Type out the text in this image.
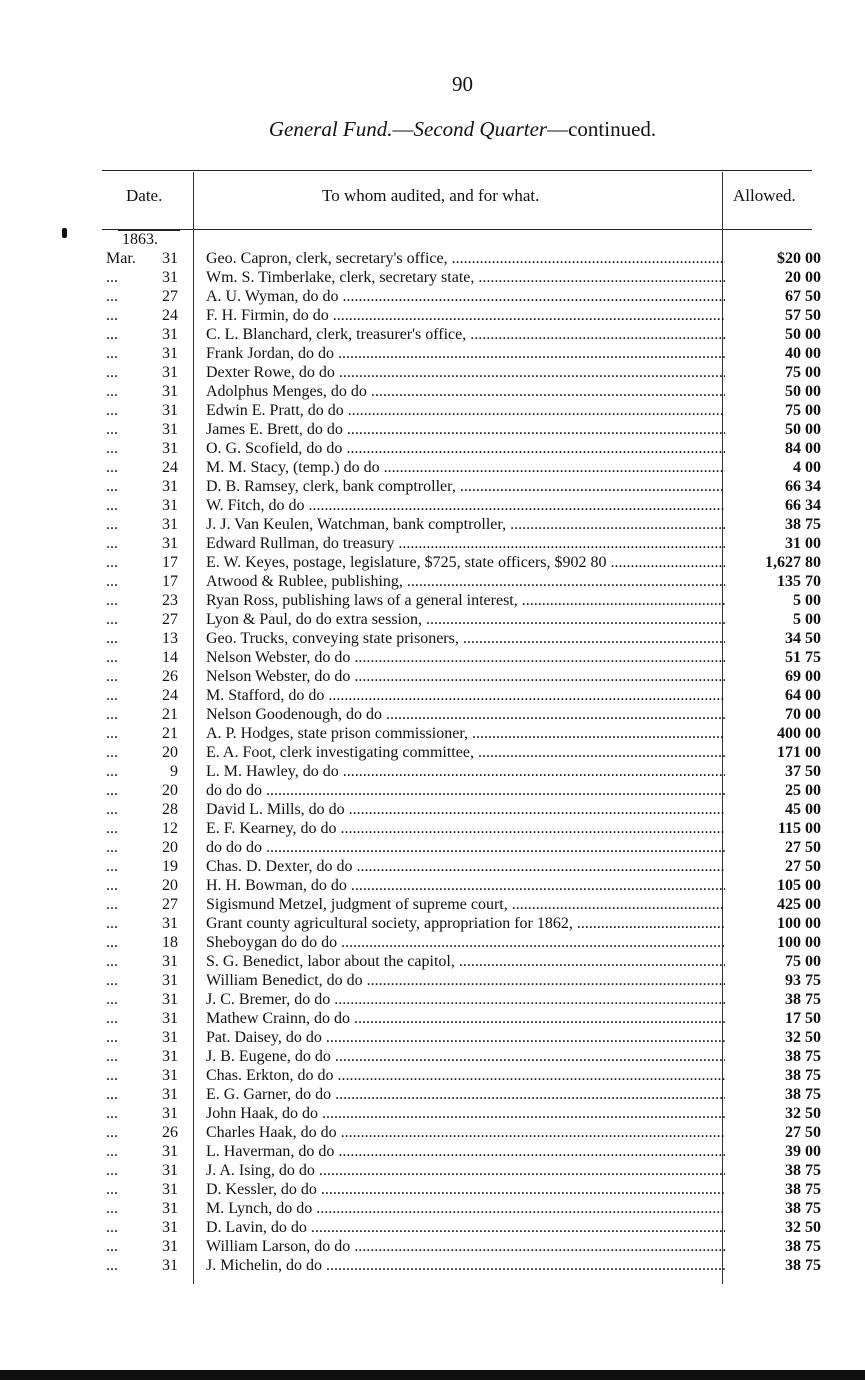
90
General Fund.—Second Quarter—continued.
Date.	To whom audited, and for what.	Allowed.
1863.
Mar.	31 Geo. Capron, clerk, secretary's office, .....	$20 00
...	31 Wm. S. Timberlake, clerk, secretary state, .....	20 00
...	27 A. U. Wyman, do do .....	67 50
...	24 F. H. Firmin, do do .....	57 50
...	31 C. L. Blanchard, clerk, treasurer's office, .....	50 00
...	31 Frank Jordan, do do .....	40 00
...	31 Dexter Rowe, do do .....	75 00
...	31 Adolphus Menges, do do .....	50 00
...	31 Edwin E. Pratt, do do .....	75 00
...	31 James E. Brett, do do .....	50 00
...	31 O. G. Scofield, do do .....	84 00
...	24 M. M. Stacy, (temp.) do do .....	4 00
...	31 D. B. Ramsey, clerk, bank comptroller, .....	66 34
...	31 W. Fitch, do do .....	66 34
...	31 J. J. Van Keulen, Watchman, bank comptroller, .....	38 75
...	31 Edward Rullman, do treasury .....	31 00
...	17 E. W. Keyes, postage, legislature, $725, state officers, $902 80 .....	1,627 80
...	17 Atwood & Rublee, publishing, .....	135 70
...	23 Ryan Ross, publishing laws of a general interest, .....	5 00
...	27 Lyon & Paul, do do extra session, .....	5 00
...	13 Geo. Trucks, conveying state prisoners, .....	34 50
...	14 Nelson Webster, do do .....	51 75
...	26 Nelson Webster, do do .....	69 00
...	24 M. Stafford, do do .....	64 00
...	21 Nelson Goodenough, do do .....	70 00
...	21 A. P. Hodges, state prison commissioner, .....	400 00
...	20 E. A. Foot, clerk investigating committee, .....	171 00
...	9 L. M. Hawley, do do .....	37 50
...	20 do do do .....	25 00
...	28 David L. Mills, do do .....	45 00
...	12 E. F. Kearney, do do .....	115 00
...	20 do do do .....	27 50
...	19 Chas. D. Dexter, do do .....	27 50
...	20 H. H. Bowman, do do .....	105 00
...	27 Sigismund Metzel, judgment of supreme court, .....	425 00
...	31 Grant county agricultural society, appropriation for 1862, .....	100 00
...	18 Sheboygan do do do .....	100 00
...	31 S. G. Benedict, labor about the capitol, .....	75 00
...	31 William Benedict, do do .....	93 75
...	31 J. C. Bremer, do do .....	38 75
...	31 Mathew Crainn, do do .....	17 50
...	31 Pat. Daisey, do do .....	32 50
...	31 J. B. Eugene, do do .....	38 75
...	31 Chas. Erkton, do do .....	38 75
...	31 E. G. Garner, do do .....	38 75
...	31 John Haak, do do .....	32 50
...	26 Charles Haak, do do .....	27 50
...	31 L. Haverman, do do .....	39 00
...	31 J. A. Ising, do do .....	38 75
...	31 D. Kessler, do do .....	38 75
...	31 M. Lynch, do do .....	38 75
...	31 D. Lavin, do do .....	32 50
...	31 William Larson, do do .....	38 75
...	31 J. Michelin, do do .....	38 75
